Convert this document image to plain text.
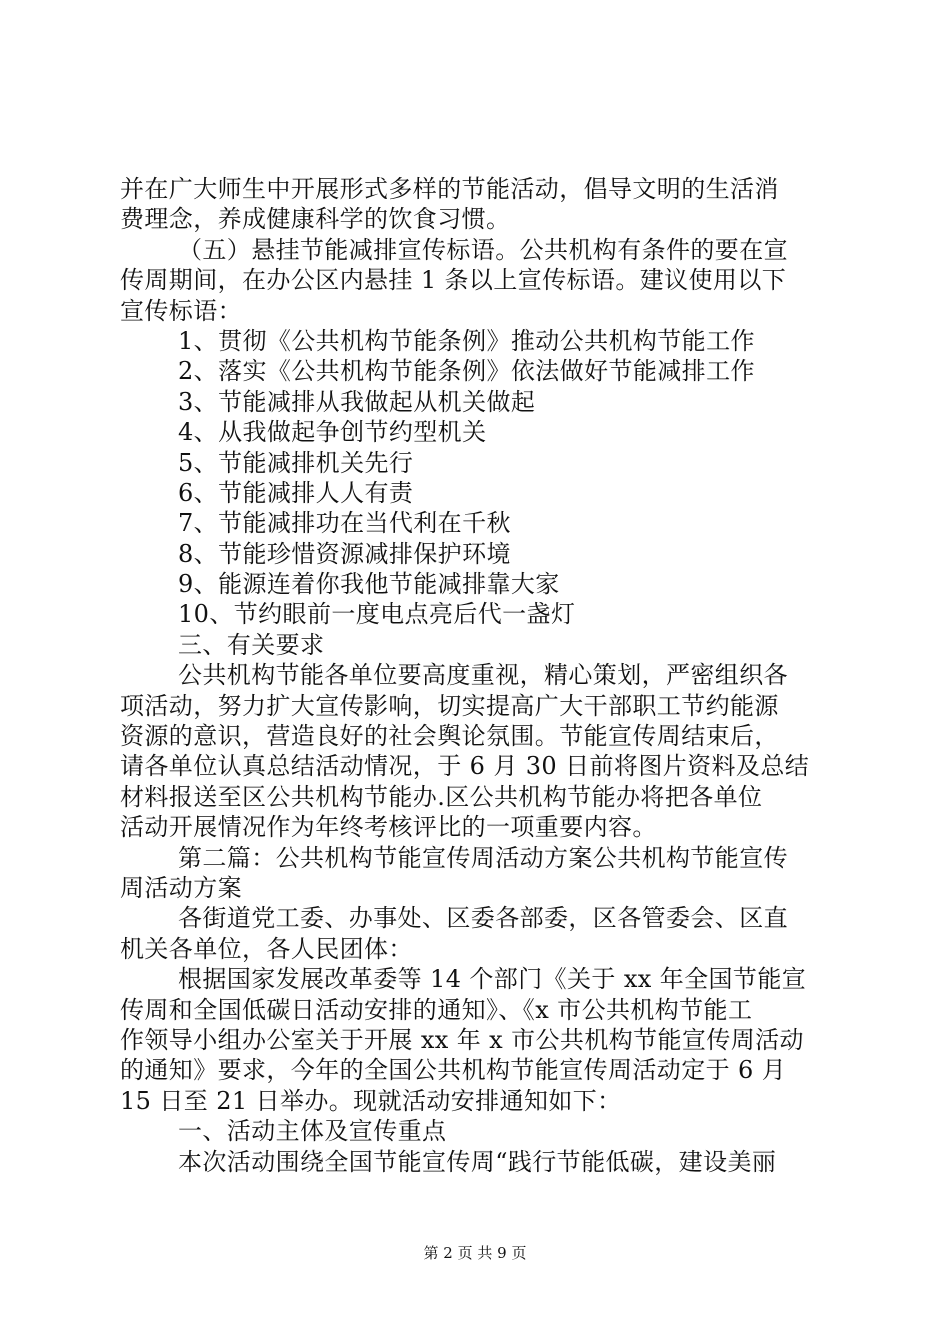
并在广大师生中开展形式多样的节能活动，倡导文明的生活消
费理念，养成健康科学的饮食习惯。
（五）悬挂节能减排宣传标语。公共机构有条件的要在宣
传周期间，在办公区内悬挂 1 条以上宣传标语。建议使用以下
宣传标语：
1、贯彻《公共机构节能条例》推动公共机构节能工作
2、落实《公共机构节能条例》依法做好节能减排工作
3、节能减排从我做起从机关做起
4、从我做起争创节约型机关
5、节能减排机关先行
6、节能减排人人有责
7、节能减排功在当代利在千秋
8、节能珍惜资源减排保护环境
9、能源连着你我他节能减排靠大家
10、节约眼前一度电点亮后代一盏灯
三、有关要求
公共机构节能各单位要高度重视，精心策划，严密组织各
项活动，努力扩大宣传影响，切实提高广大干部职工节约能源
资源的意识，营造良好的社会舆论氛围。节能宣传周结束后，
请各单位认真总结活动情况，于 6 月 30 日前将图片资料及总结
材料报送至区公共机构节能办.区公共机构节能办将把各单位
活动开展情况作为年终考核评比的一项重要内容。
第二篇：公共机构节能宣传周活动方案公共机构节能宣传
周活动方案
各街道党工委、办事处、区委各部委，区各管委会、区直
机关各单位，各人民团体：
根据国家发展改革委等 14 个部门《关于 xx 年全国节能宣
传周和全国低碳日活动安排的通知》、《x 市公共机构节能工
作领导小组办公室关于开展 xx 年 x 市公共机构节能宣传周活动
的通知》要求，今年的全国公共机构节能宣传周活动定于 6 月
15 日至 21 日举办。现就活动安排通知如下：
一、活动主体及宣传重点
本次活动围绕全国节能宣传周“践行节能低碳，建设美丽
第 2 页 共 9 页
